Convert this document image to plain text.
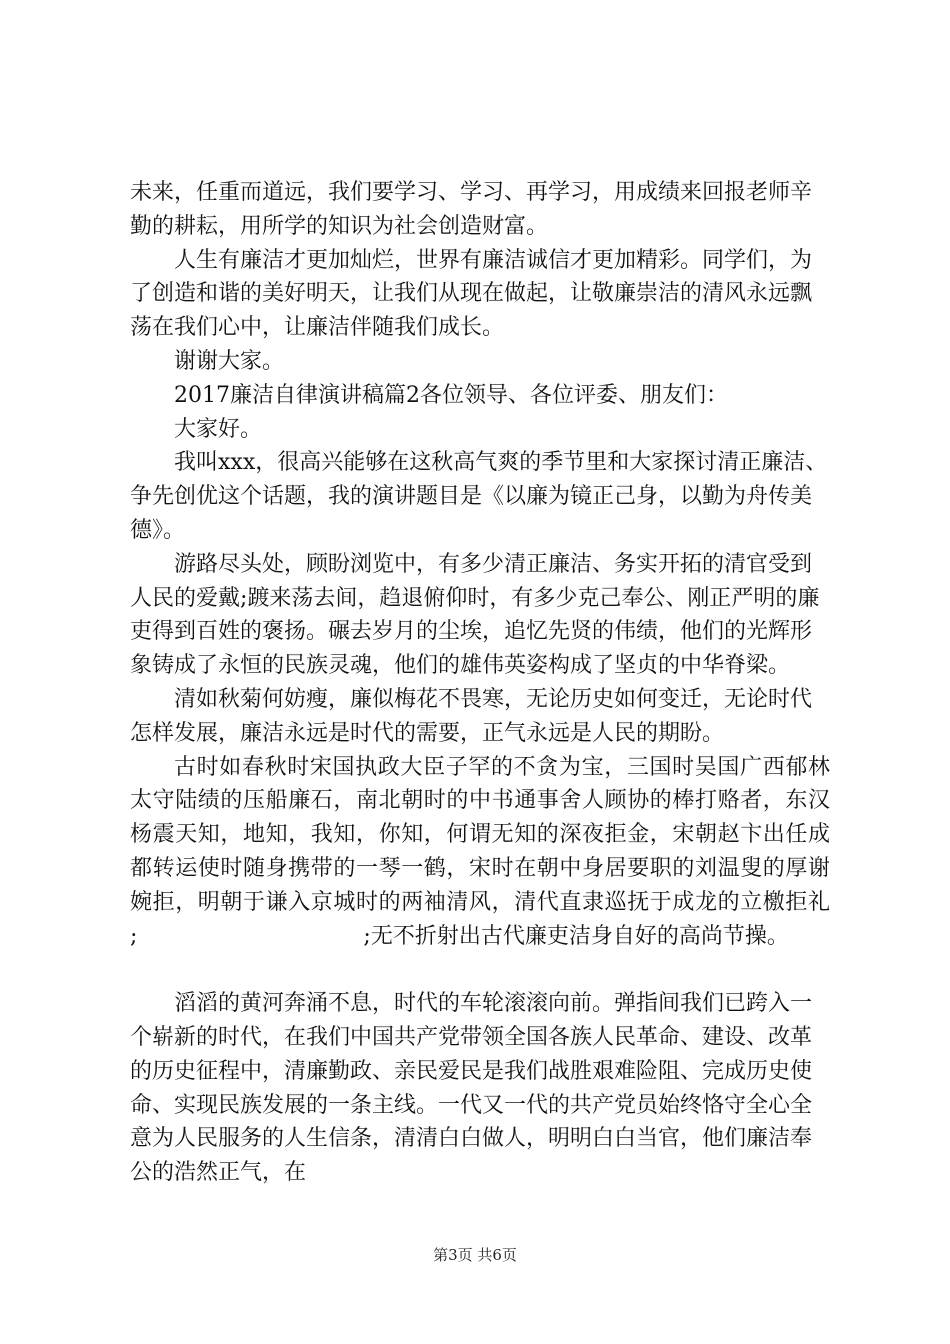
未来，任重而道远，我们要学习、学习、再学习，用成绩来回报老师辛勤的耕耘，用所学的知识为社会创造财富。

人生有廉洁才更加灿烂，世界有廉洁诚信才更加精彩。同学们，为了创造和谐的美好明天，让我们从现在做起，让敬廉崇洁的清风永远飘荡在我们心中，让廉洁伴随我们成长。

谢谢大家。

2017廉洁自律演讲稿篇2各位领导、各位评委、朋友们：

大家好。

我叫xxx，很高兴能够在这秋高气爽的季节里和大家探讨清正廉洁、争先创优这个话题，我的演讲题目是《以廉为镜正己身，以勤为舟传美德》。

游路尽头处，顾盼浏览中，有多少清正廉洁、务实开拓的清官受到人民的爱戴;踱来荡去间，趋退俯仰时，有多少克己奉公、刚正严明的廉吏得到百姓的褒扬。碾去岁月的尘埃，追忆先贤的伟绩，他们的光辉形象铸成了永恒的民族灵魂，他们的雄伟英姿构成了坚贞的中华脊梁。

清如秋菊何妨瘦，廉似梅花不畏寒，无论历史如何变迁，无论时代怎样发展，廉洁永远是时代的需要，正气永远是人民的期盼。

古时如春秋时宋国执政大臣子罕的不贪为宝，三国时吴国广西郁林太守陆绩的压船廉石，南北朝时的中书通事舍人顾协的棒打赂者，东汉杨震天知，地知，我知，你知，何谓无知的深夜拒金，宋朝赵卞出任成都转运使时随身携带的一琴一鹤，宋时在朝中身居要职的刘温叟的厚谢婉拒，明朝于谦入京城时的两袖清风，清代直隶巡抚于成龙的立檄拒礼

;	;无不折射出古代廉吏洁身自好的高尚节操。

滔滔的黄河奔涌不息，时代的车轮滚滚向前。弹指间我们已跨入一个崭新的时代，在我们中国共产党带领全国各族人民革命、建设、改革的历史征程中，清廉勤政、亲民爱民是我们战胜艰难险阻、完成历史使命、实现民族发展的一条主线。一代又一代的共产党员始终恪守全心全意为人民服务的人生信条，清清白白做人，明明白白当官，他们廉洁奉公的浩然正气，在

第3页 共6页
